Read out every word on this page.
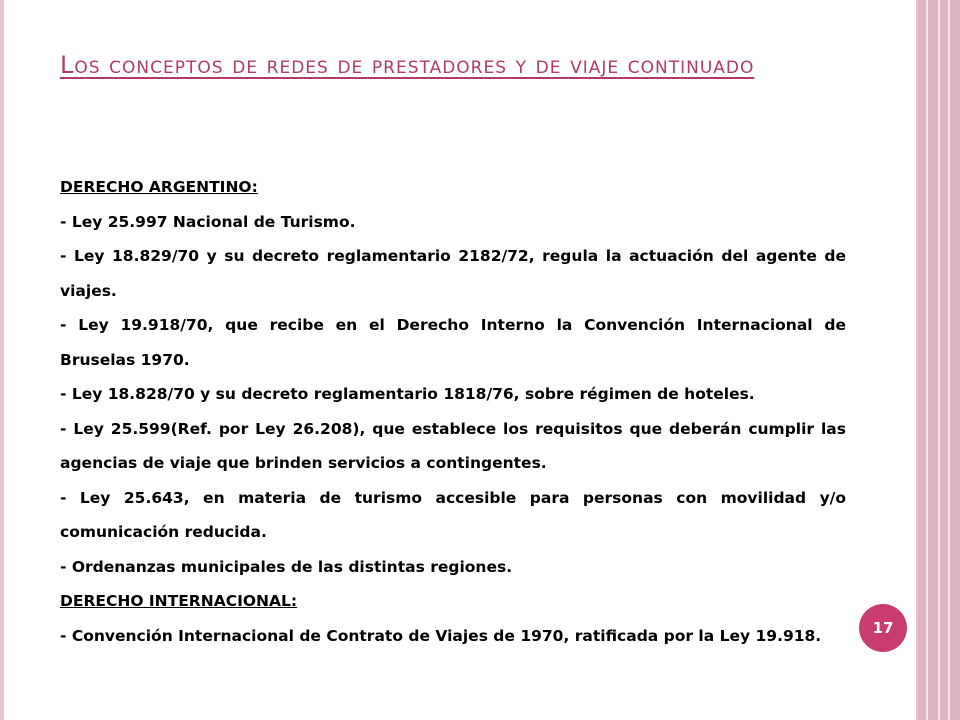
Los conceptos de redes de prestadores y de viaje continuado

DERECHO ARGENTINO:

- Ley 25.997 Nacional de Turismo.

- Ley 18.829/70 y su decreto reglamentario 2182/72, regula la actuación del agente de viajes.

- Ley 19.918/70, que recibe en el Derecho Interno la Convención Internacional de Bruselas 1970.

- Ley 18.828/70 y su decreto reglamentario 1818/76, sobre régimen de hoteles.

- Ley 25.599(Ref. por Ley 26.208), que establece los requisitos que deberán cumplir las agencias de viaje que brinden servicios a contingentes.

- Ley 25.643, en materia de turismo accesible para personas con movilidad y/o comunicación reducida.

- Ordenanzas municipales de las distintas regiones.

DERECHO INTERNACIONAL:

- Convención Internacional de Contrato de Viajes de 1970, ratificada por la Ley 19.918.	17
